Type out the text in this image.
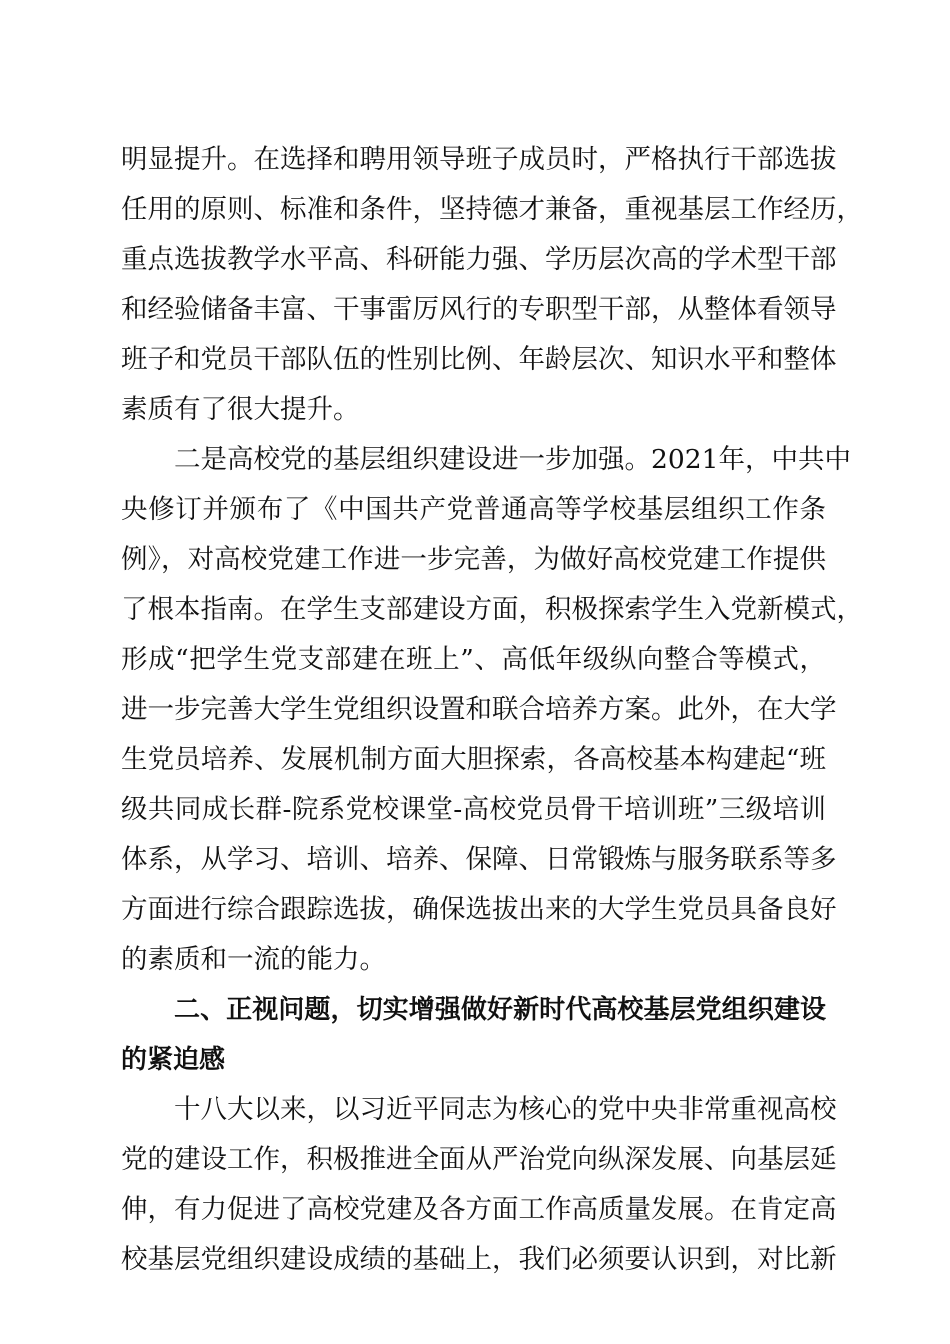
明显提升。在选择和聘用领导班子成员时，严格执行干部选拔
任用的原则、标准和条件，坚持德才兼备，重视基层工作经历，
重点选拔教学水平高、科研能力强、学历层次高的学术型干部
和经验储备丰富、干事雷厉风行的专职型干部，从整体看领导
班子和党员干部队伍的性别比例、年龄层次、知识水平和整体
素质有了很大提升。
二是高校党的基层组织建设进一步加强。2021年，中共中
央修订并颁布了《中国共产党普通高等学校基层组织工作条
例》，对高校党建工作进一步完善，为做好高校党建工作提供
了根本指南。在学生支部建设方面，积极探索学生入党新模式，
形成“把学生党支部建在班上”、高低年级纵向整合等模式，
进一步完善大学生党组织设置和联合培养方案。此外，在大学
生党员培养、发展机制方面大胆探索，各高校基本构建起“班
级共同成长群-院系党校课堂-高校党员骨干培训班”三级培训
体系，从学习、培训、培养、保障、日常锻炼与服务联系等多
方面进行综合跟踪选拔，确保选拔出来的大学生党员具备良好
的素质和一流的能力。
二、正视问题，切实增强做好新时代高校基层党组织建设
的紧迫感
十八大以来，以习近平同志为核心的党中央非常重视高校
党的建设工作，积极推进全面从严治党向纵深发展、向基层延
伸，有力促进了高校党建及各方面工作高质量发展。在肯定高
校基层党组织建设成绩的基础上，我们必须要认识到，对比新
